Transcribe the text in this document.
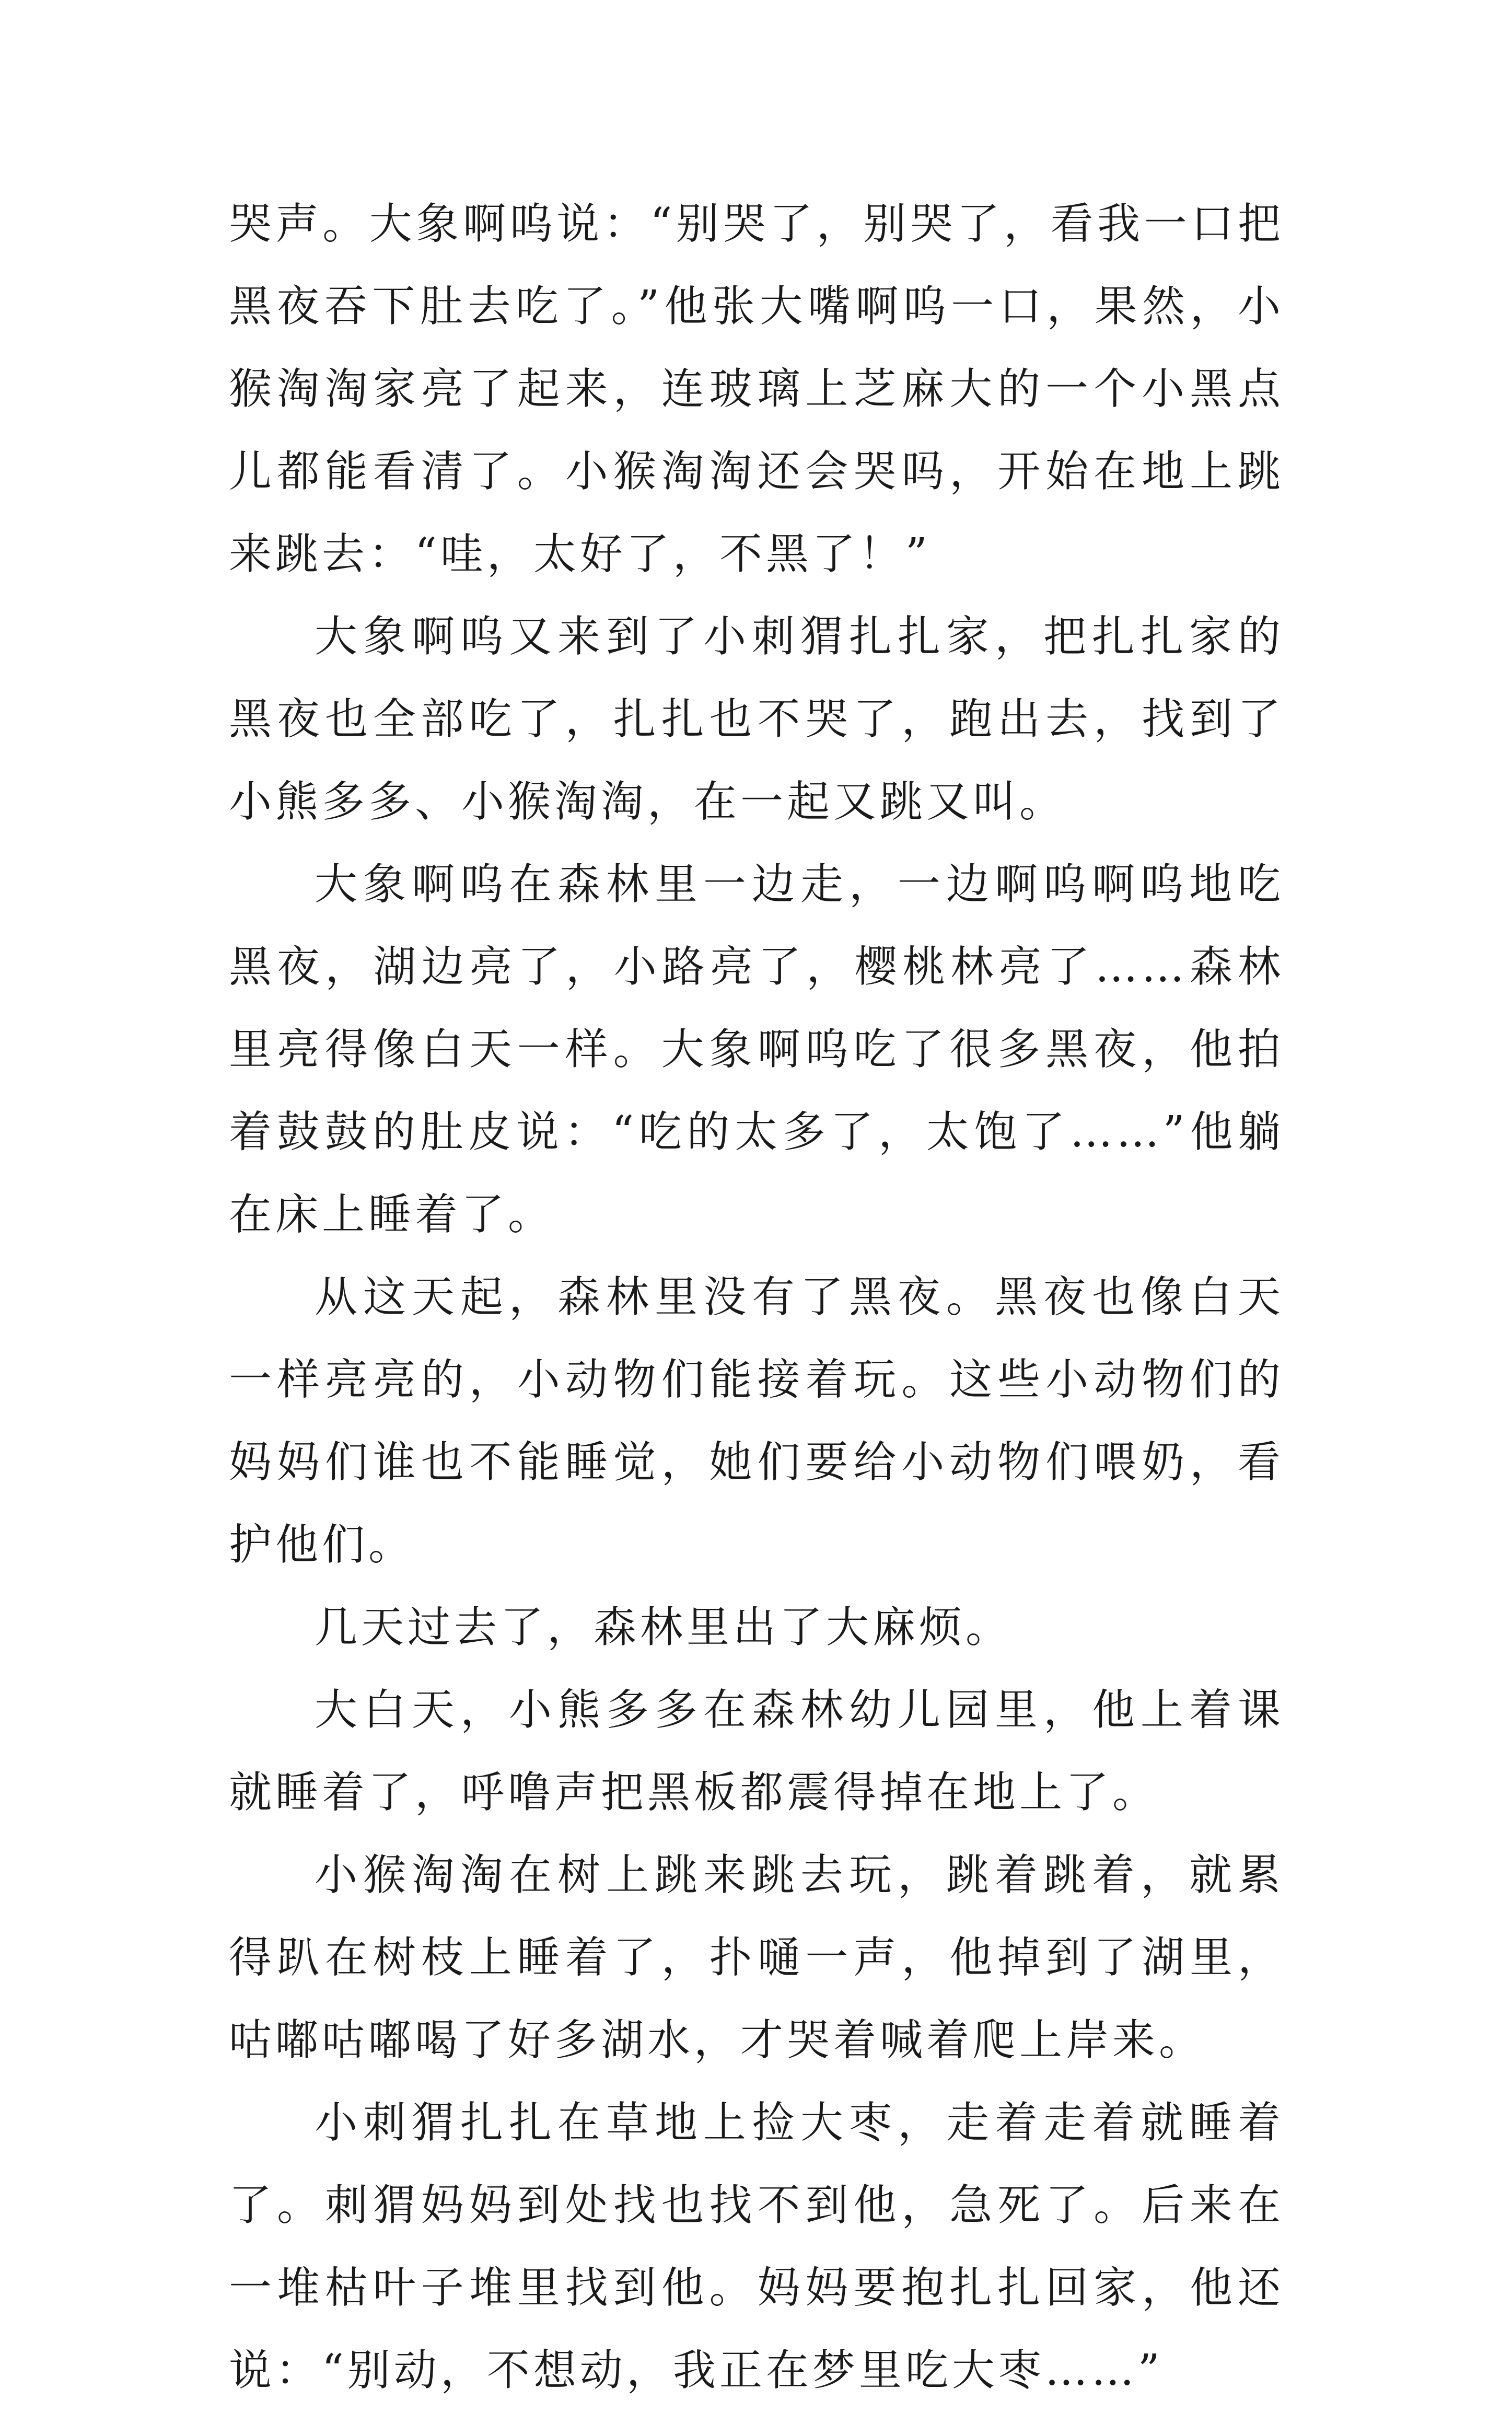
哭声。大象啊呜说：“别哭了，别哭了，看我一口把黑夜吞下肚去吃了。”他张大嘴啊呜一口，果然，小猴淘淘家亮了起来，连玻璃上芝麻大的一个小黑点儿都能看清了。小猴淘淘还会哭吗，开始在地上跳来跳去：“哇，太好了，不黑了！”

大象啊呜又来到了小刺猬扎扎家，把扎扎家的黑夜也全部吃了，扎扎也不哭了，跑出去，找到了小熊多多、小猴淘淘，在一起又跳又叫。

大象啊呜在森林里一边走，一边啊呜啊呜地吃黑夜，湖边亮了，小路亮了，樱桃林亮了……森林里亮得像白天一样。大象啊呜吃了很多黑夜，他拍着鼓鼓的肚皮说：“吃的太多了，太饱了……”他躺在床上睡着了。

从这天起，森林里没有了黑夜。黑夜也像白天一样亮亮的，小动物们能接着玩。这些小动物们的妈妈们谁也不能睡觉，她们要给小动物们喂奶，看护他们。

几天过去了，森林里出了大麻烦。

大白天，小熊多多在森林幼儿园里，他上着课就睡着了，呼噜声把黑板都震得掉在地上了。

小猴淘淘在树上跳来跳去玩，跳着跳着，就累得趴在树枝上睡着了，扑嗵一声，他掉到了湖里，咕嘟咕嘟喝了好多湖水，才哭着喊着爬上岸来。

小刺猬扎扎在草地上捡大枣，走着走着就睡着了。刺猬妈妈到处找也找不到他，急死了。后来在一堆枯叶子堆里找到他。妈妈要抱扎扎回家，他还说：“别动，不想动，我正在梦里吃大枣……”
